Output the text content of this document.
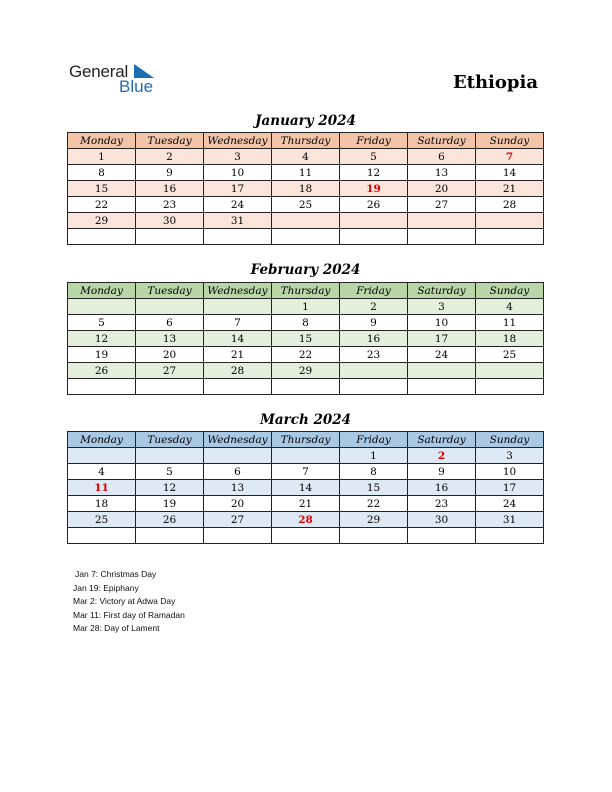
General
Blue	Ethiopia
January 2024
Monday	Tuesday	Wednesday	Thursday	Friday	Saturday	Sunday
1	2	3	4	5	6	7
8	9	10	11	12	13	14
15	16	17	18	19	20	21
22	23	24	25	26	27	28
29	30	31				

February 2024
Monday	Tuesday	Wednesday	Thursday	Friday	Saturday	Sunday
			1	2	3	4
5	6	7	8	9	10	11
12	13	14	15	16	17	18
19	20	21	22	23	24	25
26	27	28	29			

March 2024
Monday	Tuesday	Wednesday	Thursday	Friday	Saturday	Sunday
				1	2	3
4	5	6	7	8	9	10
11	12	13	14	15	16	17
18	19	20	21	22	23	24
25	26	27	28	29	30	31

Jan 7: Christmas Day
Jan 19: Epiphany
Mar 2: Victory at Adwa Day
Mar 11: First day of Ramadan
Mar 28: Day of Lament
